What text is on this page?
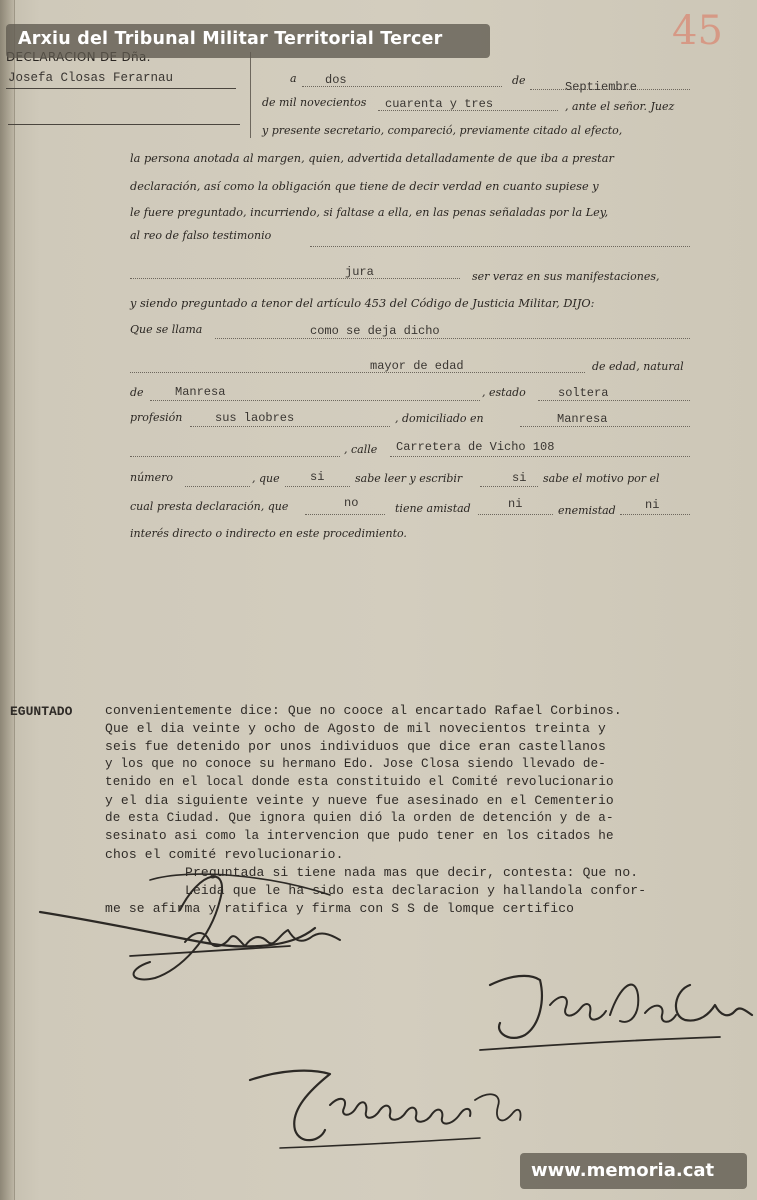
45
Josefa Closas Ferarnau	a dos	de	Septiembre
de mil novecientos cuarenta y tres	, ante el señor. Juez
y presente secretario, compareció, previamente citado al efecto,
la persona anotada al margen, quien, advertida detalladamente de que iba a prestar
declaración, así como la obligación que tiene de decir verdad en cuanto supiese y
le fuere preguntado, incurriendo, si faltase a ella, en las penas señaladas por la Ley,
al reo de falso testimonio
jura	ser veraz en sus manifestaciones,
y siendo preguntado a tenor del artículo 453 del Código de Justicia Militar, DIJO:
Que se llama	como se deja dicho
mayor de edad	de edad, natural
de	Manresa	, estado	soltera
profesión	sus laobres	, domiciliado en	Manresa
, calle Carretera de Vicho 108
número	, que	si	sabe leer y escribir	si sabe el motivo por el
cual presta declaración, que	no	tiene amistad	ni	enemistad ni
interés directo o indirecto en este procedimiento.
EGUNTADO	convenientemente dice: Que no cooce al encartado Rafael Corbinos.
Que el dia veinte y ocho de Agosto de mil novecientos treinta y
seis fue detenido por unos individuos que dice eran castellanos
y los que no conoce su hermano Edo. Jose Closa siendo llevado de-
tenido en el local donde esta constituido el Comité revolucionario
y el dia siguiente veinte y nueve fue asesinado en el Cementerio
de esta Ciudad. Que ignora quien dió la orden de detención y de a-
sesinato asi como la intervencion que pudo tener en los citados he
chos el comité revolucionario.
Preguntada si tiene nada mas que decir, contesta: Que no.
Leida que le ha sido esta declaracion y hallandola confor-
me se afirma y ratifica y firma con S S de lomque certifico
Arxiu del Tribunal Militar Territorial Tercer
www.memoria.cat
